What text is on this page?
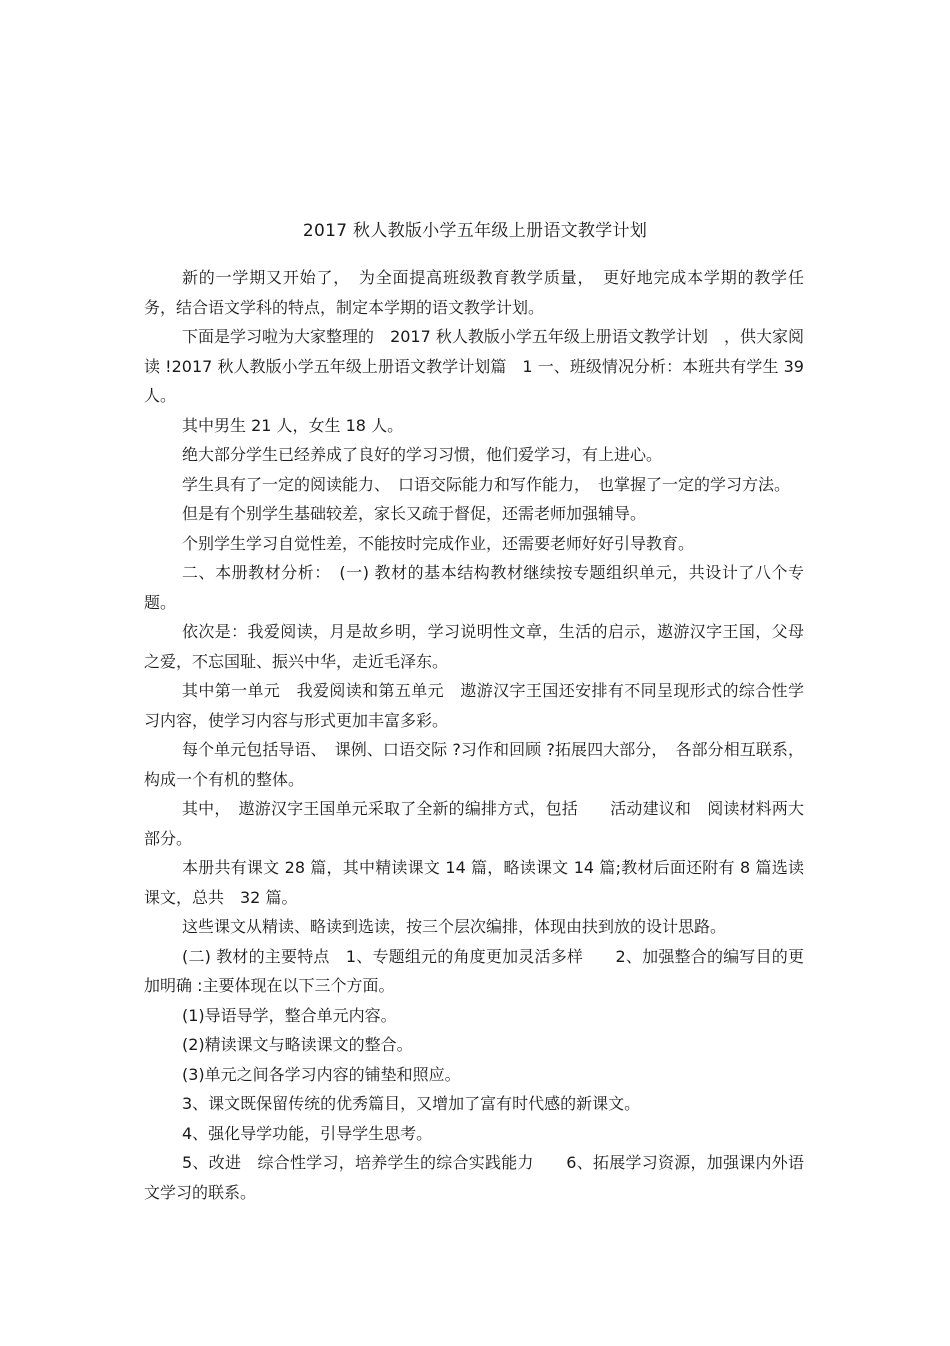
2017 秋人教版小学五年级上册语文教学计划

新的一学期又开始了，　为全面提高班级教育教学质量，　更好地完成本学期的教学任务，结合语文学科的特点，制定本学期的语文教学计划。

下面是学习啦为大家整理的　2017 秋人教版小学五年级上册语文教学计划　，供大家阅读 !2017 秋人教版小学五年级上册语文教学计划篇　1 一、班级情况分析：本班共有学生 39 人。

其中男生 21 人，女生 18 人。

绝大部分学生已经养成了良好的学习习惯，他们爱学习，有上进心。

学生具有了一定的阅读能力、　口语交际能力和写作能力，　也掌握了一定的学习方法。

但是有个别学生基础较差，家长又疏于督促，还需老师加强辅导。

个别学生学习自觉性差，不能按时完成作业，还需要老师好好引导教育。

二、本册教材分析：　(一) 教材的基本结构教材继续按专题组织单元，共设计了八个专题。

依次是：我爱阅读，月是故乡明，学习说明性文章，生活的启示，遨游汉字王国，父母之爱，不忘国耻、振兴中华，走近毛泽东。

其中第一单元　我爱阅读和第五单元　遨游汉字王国还安排有不同呈现形式的综合性学习内容，使学习内容与形式更加丰富多彩。

每个单元包括导语、　课例、口语交际 ?习作和回顾 ?拓展四大部分，　各部分相互联系，构成一个有机的整体。

其中，　遨游汉字王国单元采取了全新的编排方式，包括　　活动建议和　阅读材料两大部分。

本册共有课文 28 篇，其中精读课文 14 篇，略读课文 14 篇;教材后面还附有 8 篇选读课文，总共　32 篇。

这些课文从精读、略读到选读，按三个层次编排，体现由扶到放的设计思路。

(二) 教材的主要特点　1、专题组元的角度更加灵活多样　　2、加强整合的编写目的更加明确 :主要体现在以下三个方面。

(1)导语导学，整合单元内容。

(2)精读课文与略读课文的整合。

(3)单元之间各学习内容的铺垫和照应。

3、课文既保留传统的优秀篇目，又增加了富有时代感的新课文。

4、强化导学功能，引导学生思考。

5、改进　综合性学习，培养学生的综合实践能力　　6、拓展学习资源，加强课内外语文学习的联系。
